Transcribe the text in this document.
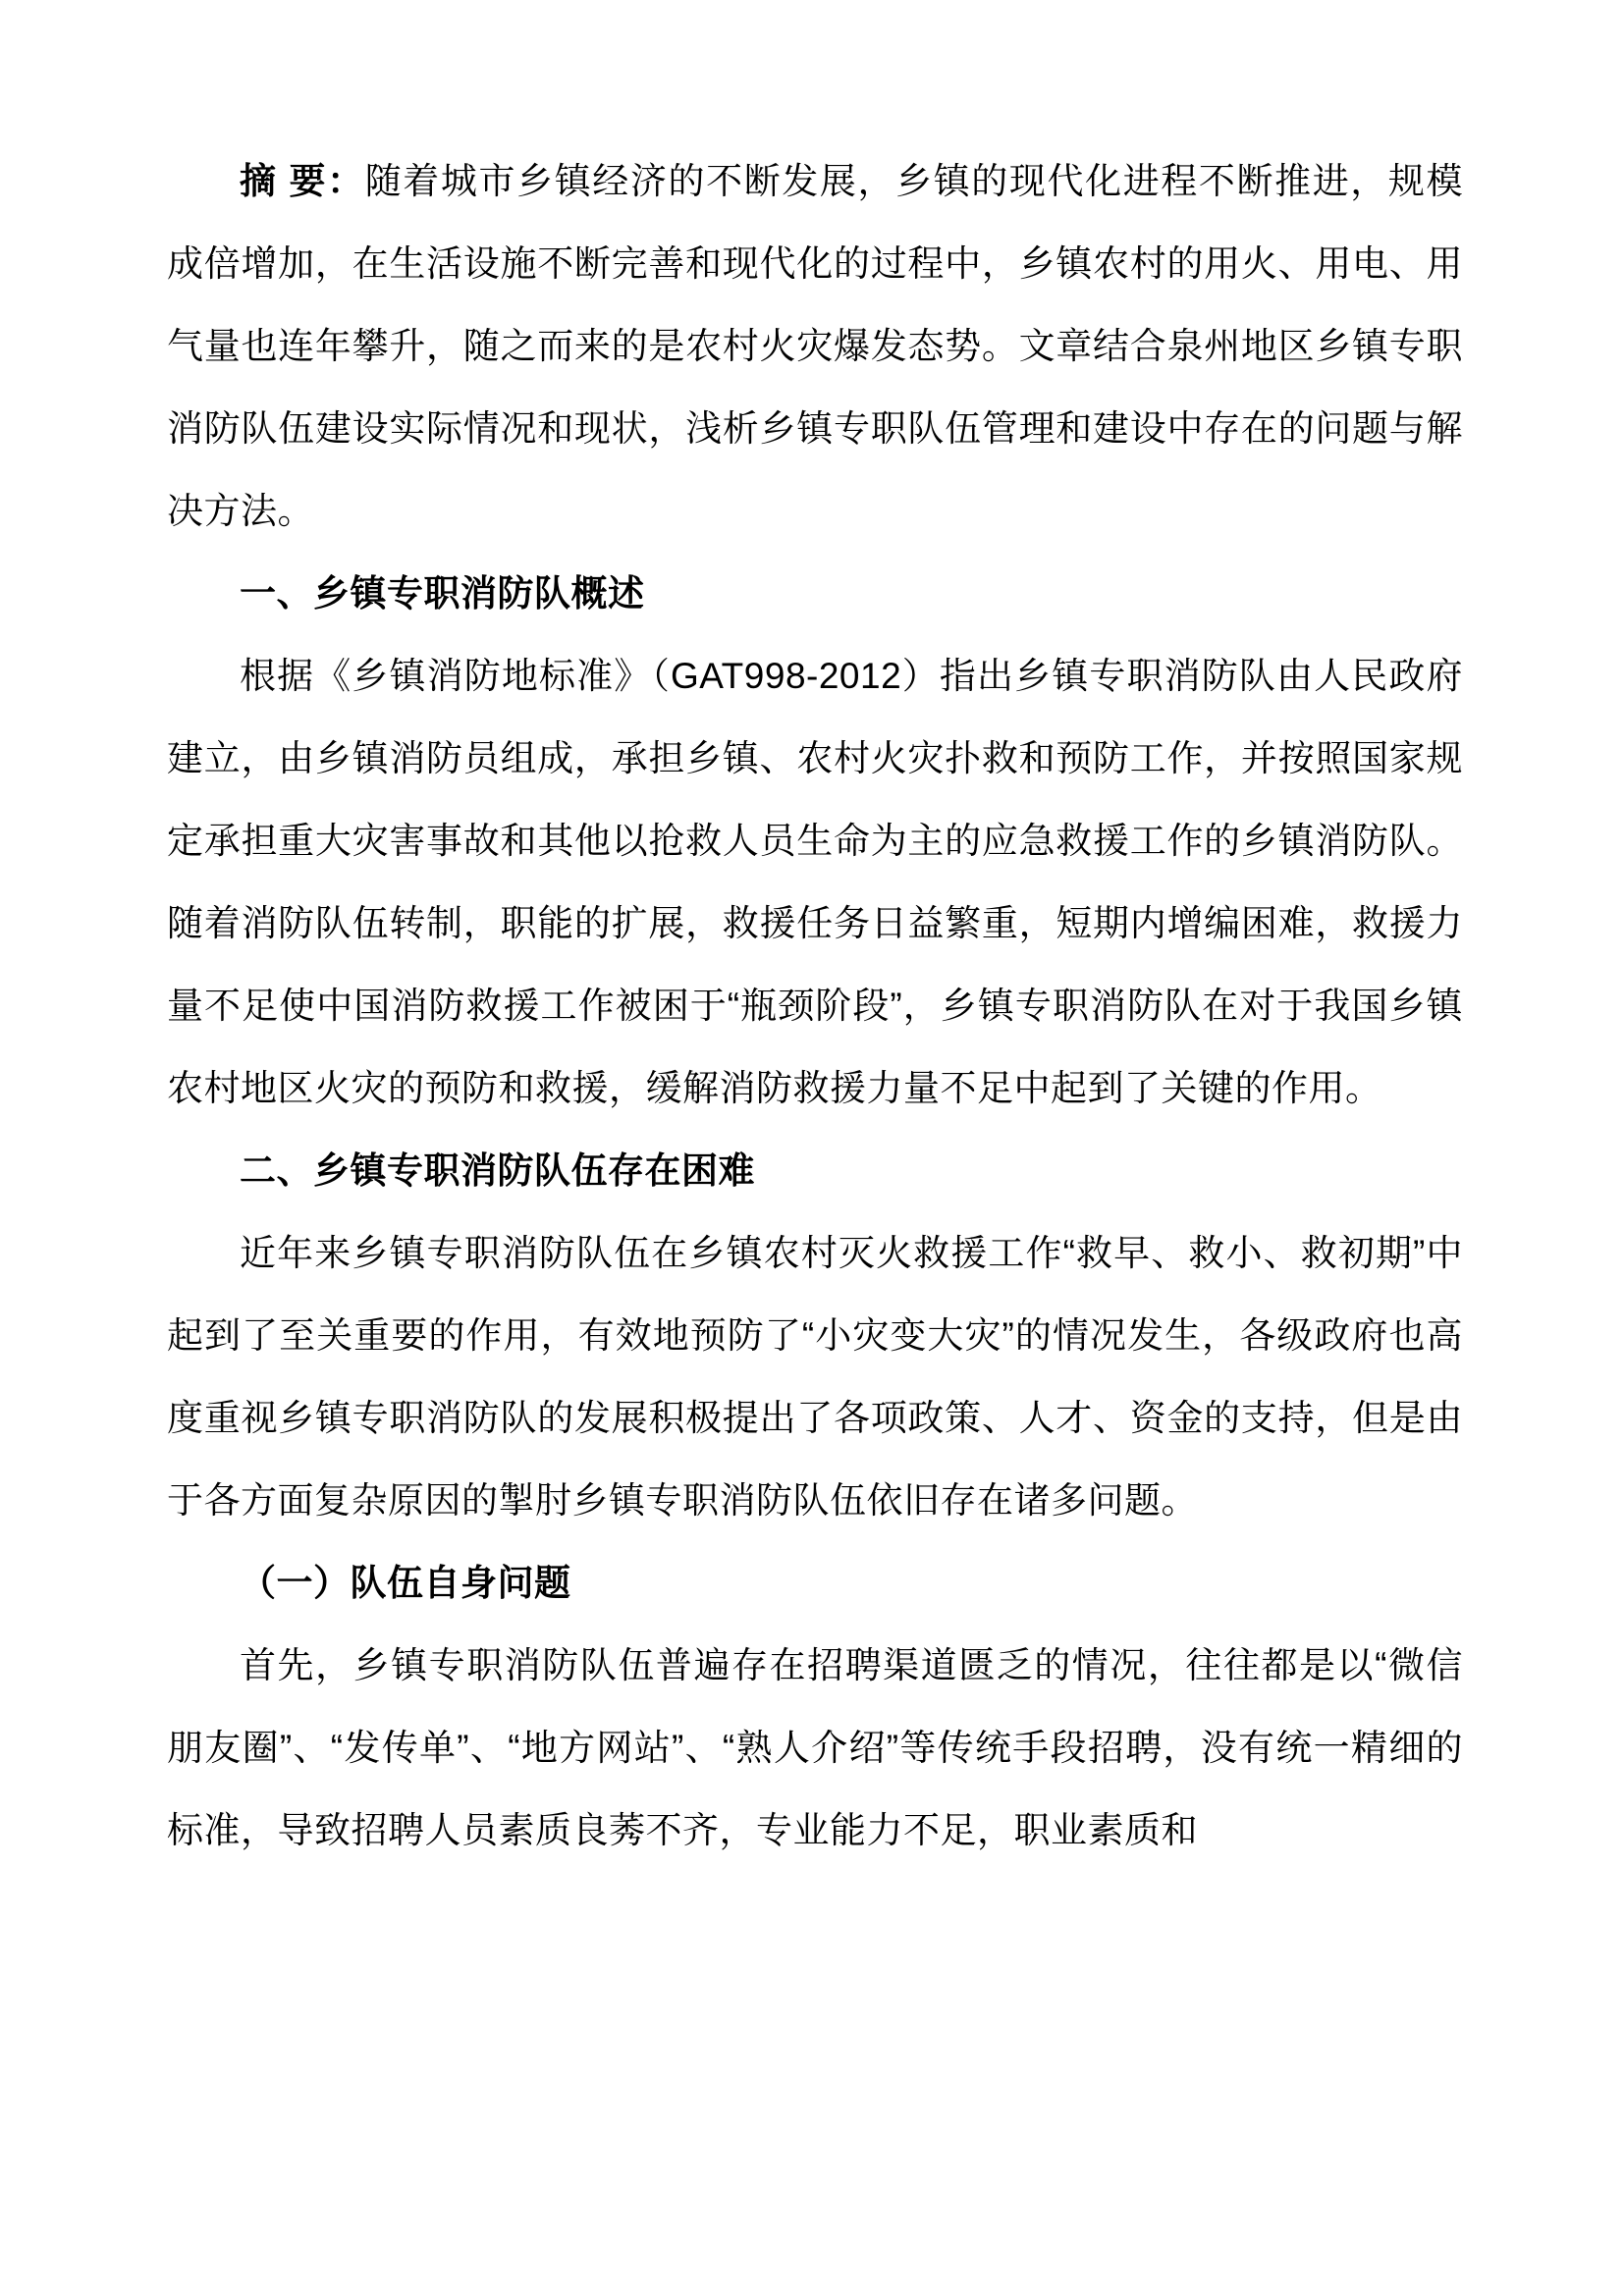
摘 要：随着城市乡镇经济的不断发展，乡镇的现代化进程不断推进，规模成倍增加，在生活设施不断完善和现代化的过程中，乡镇农村的用火、用电、用气量也连年攀升，随之而来的是农村火灾爆发态势。文章结合泉州地区乡镇专职消防队伍建设实际情况和现状，浅析乡镇专职队伍管理和建设中存在的问题与解决方法。

一、乡镇专职消防队概述

根据《乡镇消防地标准》（GAT998-2012）指出乡镇专职消防队由人民政府建立，由乡镇消防员组成，承担乡镇、农村火灾扑救和预防工作，并按照国家规定承担重大灾害事故和其他以抢救人员生命为主的应急救援工作的乡镇消防队。随着消防队伍转制，职能的扩展，救援任务日益繁重，短期内增编困难，救援力量不足使中国消防救援工作被困于“瓶颈阶段”，乡镇专职消防队在对于我国乡镇农村地区火灾的预防和救援，缓解消防救援力量不足中起到了关键的作用。

二、乡镇专职消防队伍存在困难

近年来乡镇专职消防队伍在乡镇农村灭火救援工作“救早、救小、救初期”中起到了至关重要的作用，有效地预防了“小灾变大灾”的情况发生，各级政府也高度重视乡镇专职消防队的发展积极提出了各项政策、人才、资金的支持，但是由于各方面复杂原因的掣肘乡镇专职消防队伍依旧存在诸多问题。

（一）队伍自身问题

首先，乡镇专职消防队伍普遍存在招聘渠道匮乏的情况，往往都是以“微信朋友圈”、“发传单”、“地方网站”、“熟人介绍”等传统手段招聘，没有统一精细的标准，导致招聘人员素质良莠不齐，专业能力不足，职业素质和
